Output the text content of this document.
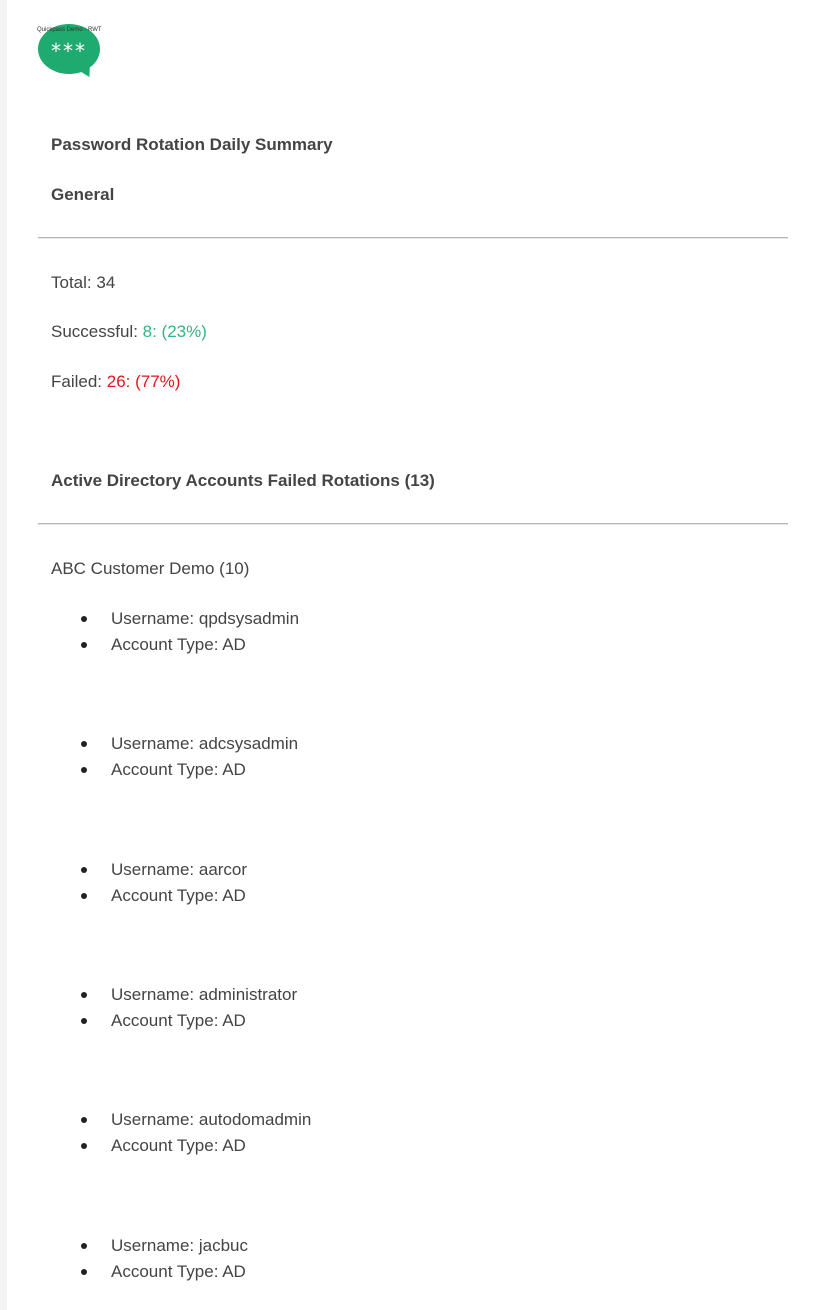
Quickpass Demo - RWT
***
Password Rotation Daily Summary
General
Total: 34
Successful: 8: (23%)
Failed: 26: (77%)
Active Directory Accounts Failed Rotations (13)
ABC Customer Demo (10)
Username: qpdsysadmin
Account Type: AD
Username: adcsysadmin
Account Type: AD
Username: aarcor
Account Type: AD
Username: administrator
Account Type: AD
Username: autodomadmin
Account Type: AD
Username: jacbuc
Account Type: AD
